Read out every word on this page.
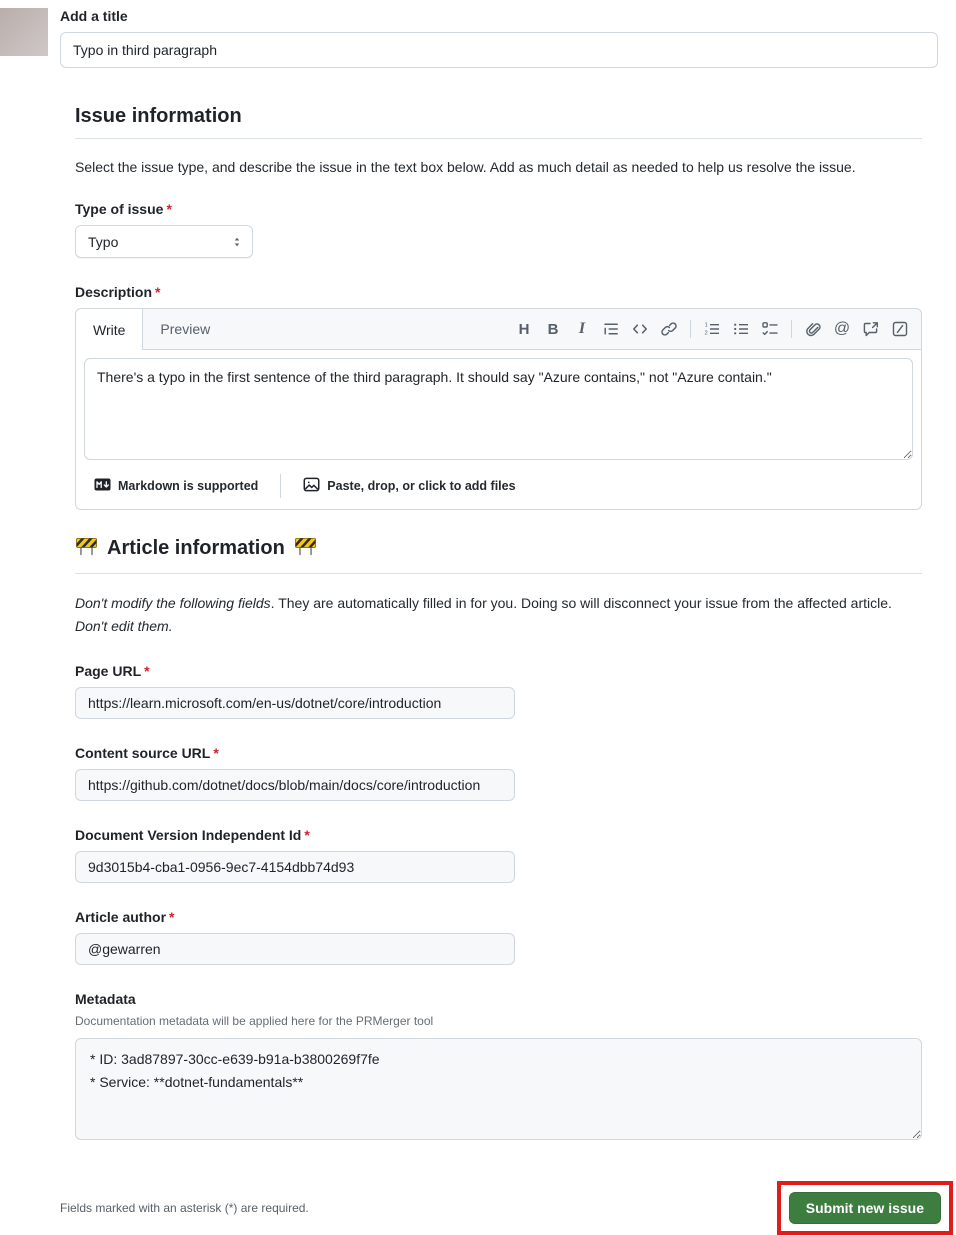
Add a title
Typo in third paragraph
Issue information

Select the issue type, and describe the issue in the text box below. Add as much detail as needed to help us resolve the issue.

Type of issue *
Typo
Description *
Write	Preview	H	B	I	1
2	@
There's a typo in the first sentence of the third paragraph. It should say "Azure contains," not "Azure contain."
Markdown is supported	Paste, drop, or click to add files
Article information

Don't modify the following fields. They are automatically filled in for you. Doing so will disconnect your issue from the affected article. Don't edit them.

Page URL *
https://learn.microsoft.com/en-us/dotnet/core/introduction
Content source URL *
https://github.com/dotnet/docs/blob/main/docs/core/introduction
Document Version Independent Id *
9d3015b4-cba1-0956-9ec7-4154dbb74d93
Article author *
@gewarren
Metadata
Documentation metadata will be applied here for the PRMerger tool
* ID: 3ad87897-30cc-e639-b91a-b3800269f7fe * Service: **dotnet-fundamentals**
Fields marked with an asterisk (*) are required.	Submit new issue
